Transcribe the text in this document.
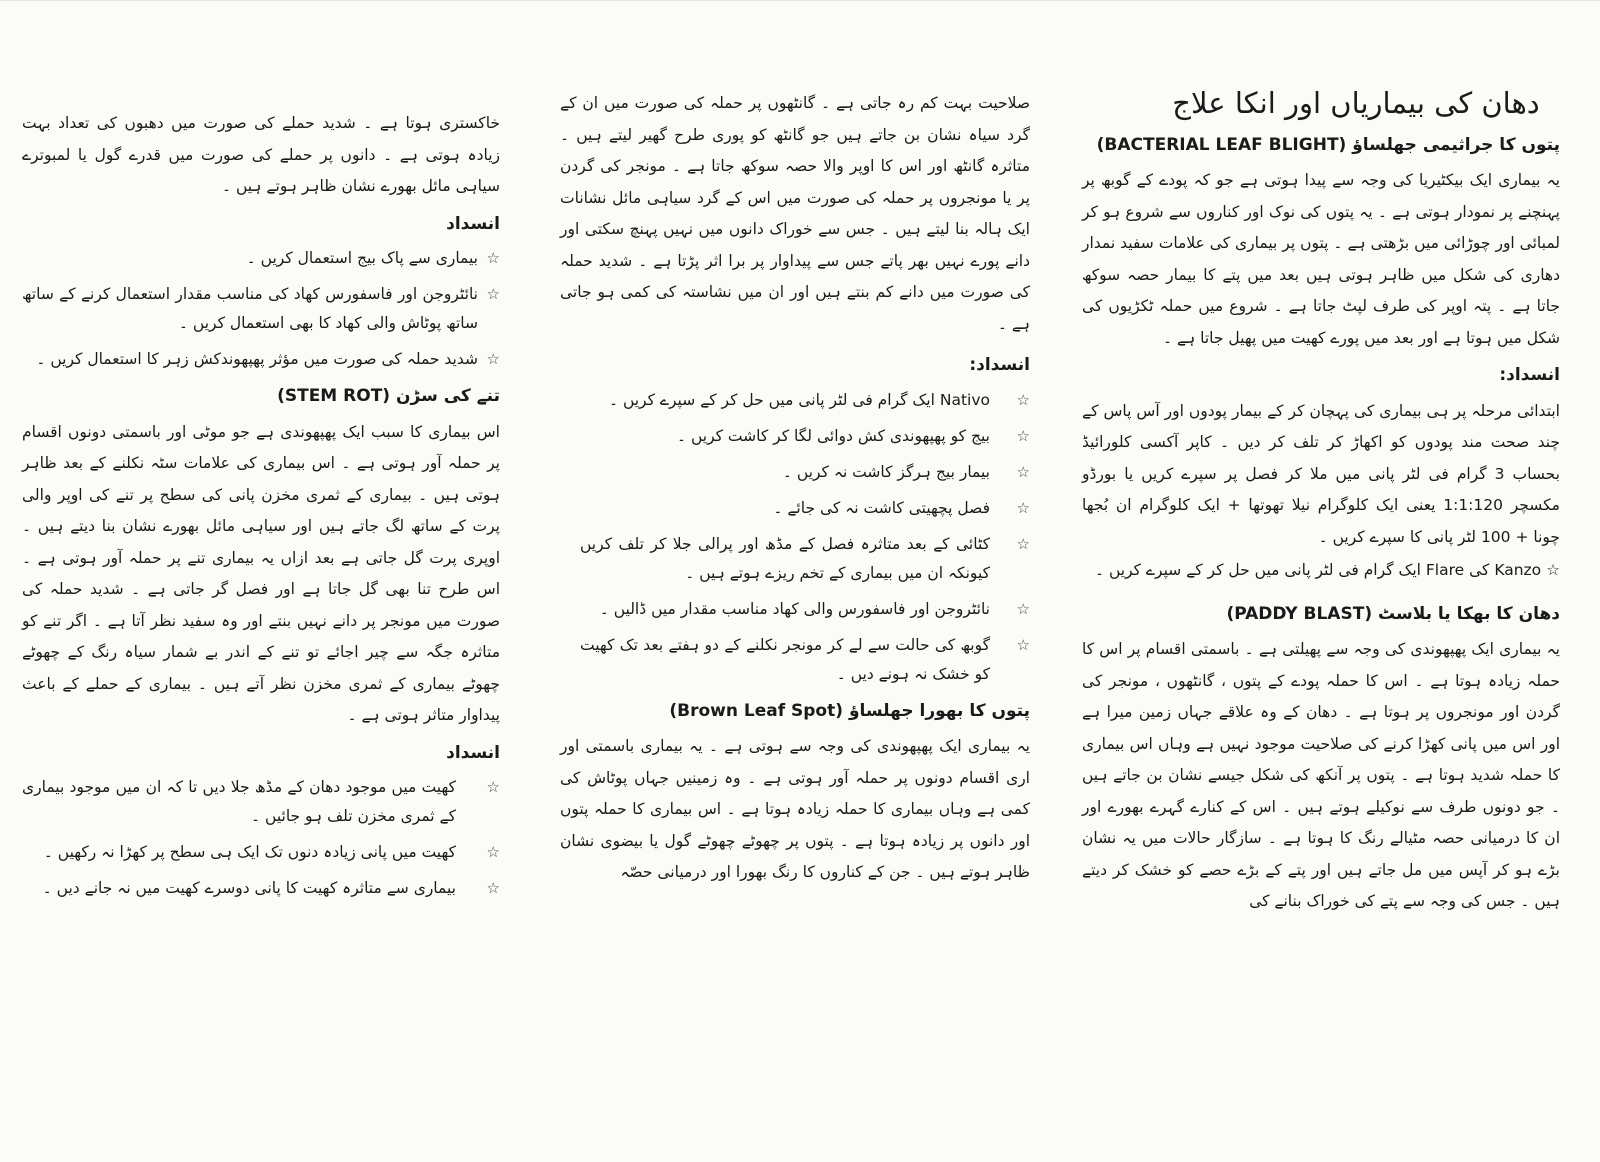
دھان کی بیماریاں اور انکا علاج
پتوں کا جراثیمی جھلساؤ (BACTERIAL LEAF BLIGHT)

یہ بیماری ایک بیکٹیریا کی وجہ سے پیدا ہوتی ہے جو کہ پودے کے گوبھ پر پہنچنے پر نمودار ہوتی ہے ۔ یہ پتوں کی نوک اور کناروں سے شروع ہو کر لمبائی اور چوڑائی میں بڑھتی ہے ۔ پتوں پر بیماری کی علامات سفید نمدار دھاری کی شکل میں ظاہر ہوتی ہیں بعد میں پتے کا بیمار حصہ سوکھ جاتا ہے ۔ پتہ اوپر کی طرف لپٹ جاتا ہے ۔ شروع میں حملہ ٹکڑیوں کی شکل میں ہوتا ہے اور بعد میں پورے کھیت میں پھیل جاتا ہے ۔

انسداد:

ابتدائی مرحلہ پر ہی بیماری کی پہچان کر کے بیمار پودوں اور آس پاس کے چند صحت مند پودوں کو اکھاڑ کر تلف کر دیں ۔ کاپر آکسی کلورائیڈ بحساب 3 گرام فی لٹر پانی میں ملا کر فصل پر سپرے کریں یا بورڈو مکسچر 1:1:120 یعنی ایک کلوگرام نیلا تھوتھا + ایک کلوگرام ان بُجھا چونا + 100 لٹر پانی کا سپرے کریں ۔

☆ Kanzo کی Flare ایک گرام فی لٹر پانی میں حل کر کے سپرے کریں ۔

دھان کا بھکا یا بلاسٹ (PADDY BLAST)

یہ بیماری ایک پھپھوندی کی وجہ سے پھیلتی ہے ۔ باسمتی اقسام پر اس کا حملہ زیادہ ہوتا ہے ۔ اس کا حملہ پودے کے پتوں ، گانٹھوں ، مونجر کی گردن اور مونجروں پر ہوتا ہے ۔ دھان کے وہ علاقے جہاں زمین میرا ہے اور اس میں پانی کھڑا کرنے کی صلاحیت موجود نہیں ہے وہاں اس بیماری کا حملہ شدید ہوتا ہے ۔ پتوں پر آنکھ کی شکل جیسے نشان بن جاتے ہیں ۔ جو دونوں طرف سے نوکیلے ہوتے ہیں ۔ اس کے کنارے گہرے بھورے اور ان کا درمیانی حصہ مٹیالے رنگ کا ہوتا ہے ۔ سازگار حالات میں یہ نشان بڑے ہو کر آپس میں مل جاتے ہیں اور پتے کے بڑے حصے کو خشک کر دیتے ہیں ۔ جس کی وجہ سے پتے کی خوراک بنانے کی

صلاحیت بہت کم رہ جاتی ہے ۔ گانٹھوں پر حملہ کی صورت میں ان کے گرد سیاہ نشان بن جاتے ہیں جو گانٹھ کو پوری طرح گھیر لیتے ہیں ۔ متاثرہ گانٹھ اور اس کا اوپر والا حصہ سوکھ جاتا ہے ۔ مونجر کی گردن پر یا مونجروں پر حملہ کی صورت میں اس کے گرد سیاہی مائل نشانات ایک ہالہ بنا لیتے ہیں ۔ جس سے خوراک دانوں میں نہیں پہنچ سکتی اور دانے پورے نہیں بھر پاتے جس سے پیداوار پر برا اثر پڑتا ہے ۔ شدید حملہ کی صورت میں دانے کم بنتے ہیں اور ان میں نشاستہ کی کمی ہو جاتی ہے ۔

انسداد:
☆
Nativo ایک گرام فی لٹر پانی میں حل کر کے سپرے کریں ۔
☆
بیج کو پھپھوندی کش دوائی لگا کر کاشت کریں ۔
☆
بیمار بیج ہرگز کاشت نہ کریں ۔
☆
فصل پچھیتی کاشت نہ کی جائے ۔
☆
کٹائی کے بعد متاثرہ فصل کے مڈھ اور پرالی جلا کر تلف کریں کیونکہ ان میں بیماری کے تخم ریزے ہوتے ہیں ۔
☆
نائٹروجن اور فاسفورس والی کھاد مناسب مقدار میں ڈالیں ۔
☆
گوبھ کی حالت سے لے کر مونجر نکلنے کے دو ہفتے بعد تک کھیت کو خشک نہ ہونے دیں ۔
پتوں کا بھورا جھلساؤ (Brown Leaf Spot)

یہ بیماری ایک پھپھوندی کی وجہ سے ہوتی ہے ۔ یہ بیماری باسمتی اور اری اقسام دونوں پر حملہ آور ہوتی ہے ۔ وہ زمینیں جہاں پوٹاش کی کمی ہے وہاں بیماری کا حملہ زیادہ ہوتا ہے ۔ اس بیماری کا حملہ پتوں اور دانوں پر زیادہ ہوتا ہے ۔ پتوں پر چھوٹے چھوٹے گول یا بیضوی نشان ظاہر ہوتے ہیں ۔ جن کے کناروں کا رنگ بھورا اور درمیانی حصّہ

خاکستری ہوتا ہے ۔ شدید حملے کی صورت میں دھبوں کی تعداد بہت زیادہ ہوتی ہے ۔ دانوں پر حملے کی صورت میں قدرے گول یا لمبوترے سیاہی مائل بھورے نشان ظاہر ہوتے ہیں ۔

انسداد
☆
بیماری سے پاک بیج استعمال کریں ۔
☆
نائٹروجن اور فاسفورس کھاد کی مناسب مقدار استعمال کرنے کے ساتھ ساتھ پوٹاش والی کھاد کا بھی استعمال کریں ۔
☆
شدید حملہ کی صورت میں مؤثر پھپھوندکش زہر کا استعمال کریں ۔
تنے کی سڑن (STEM ROT)

اس بیماری کا سبب ایک پھپھوندی ہے جو موٹی اور باسمتی دونوں اقسام پر حملہ آور ہوتی ہے ۔ اس بیماری کی علامات سٹہ نکلنے کے بعد ظاہر ہوتی ہیں ۔ بیماری کے ثمری مخزن پانی کی سطح پر تنے کی اوپر والی پرت کے ساتھ لگ جاتے ہیں اور سیاہی مائل بھورے نشان بنا دیتے ہیں ۔ اوپری پرت گل جاتی ہے بعد ازاں یہ بیماری تنے پر حملہ آور ہوتی ہے ۔ اس طرح تنا بھی گل جاتا ہے اور فصل گر جاتی ہے ۔ شدید حملہ کی صورت میں مونجر پر دانے نہیں بنتے اور وہ سفید نظر آتا ہے ۔ اگر تنے کو متاثرہ جگہ سے چیر اجائے تو تنے کے اندر بے شمار سیاہ رنگ کے چھوٹے چھوٹے بیماری کے ثمری مخزن نظر آتے ہیں ۔ بیماری کے حملے کے باعث پیداوار متاثر ہوتی ہے ۔

انسداد
☆
کھیت میں موجود دھان کے مڈھ جلا دیں تا کہ ان میں موجود بیماری کے ثمری مخزن تلف ہو جائیں ۔
☆
کھیت میں پانی زیادہ دنوں تک ایک ہی سطح پر کھڑا نہ رکھیں ۔
☆
بیماری سے متاثرہ کھیت کا پانی دوسرے کھیت میں نہ جانے دیں ۔
